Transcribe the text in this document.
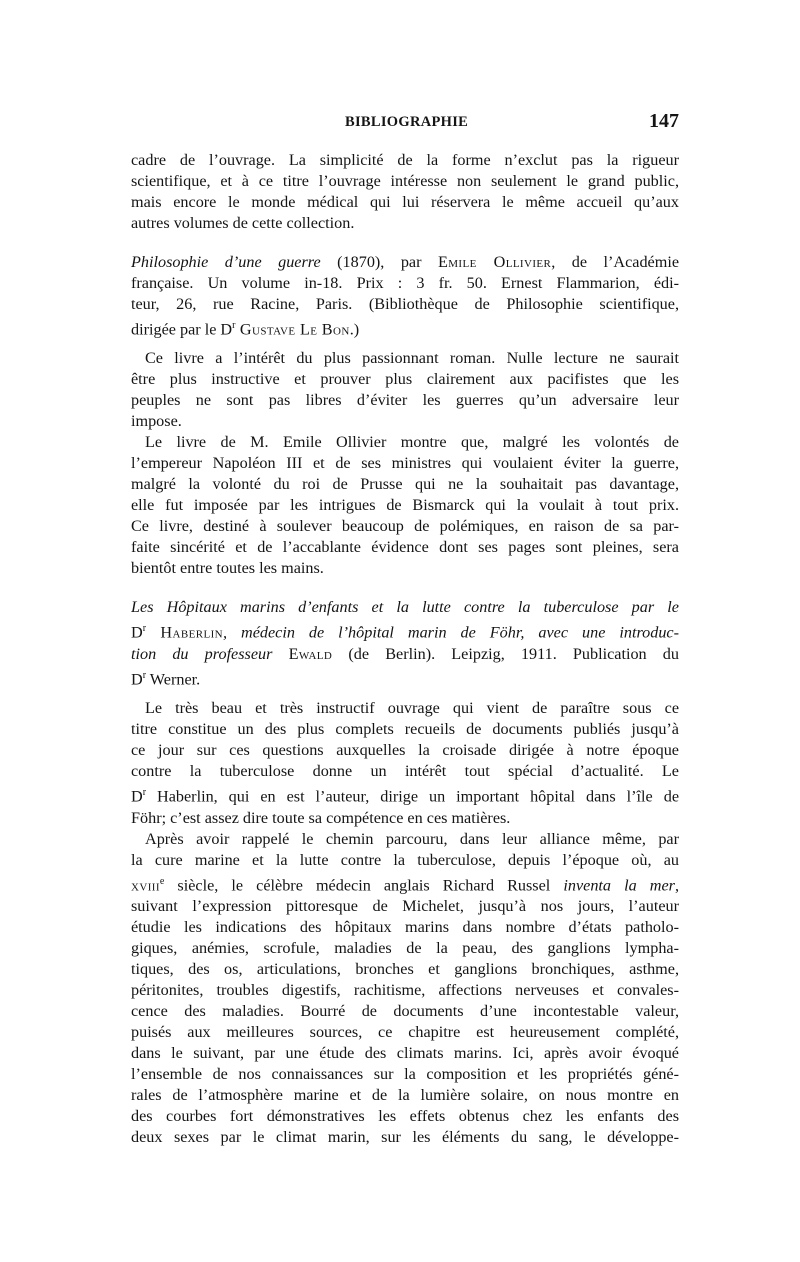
BIBLIOGRAPHIE	147
cadre de l’ouvrage. La simplicité de la forme n’exclut pas la rigueur
scientifique, et à ce titre l’ouvrage intéresse non seulement le grand public,
mais encore le monde médical qui lui réservera le même accueil qu’aux
autres volumes de cette collection.
Philosophie d’une guerre (1870), par Emile Ollivier, de l’Académie
française. Un volume in-18. Prix : 3 fr. 50. Ernest Flammarion, édi-
teur, 26, rue Racine, Paris. (Bibliothèque de Philosophie scientifique,
dirigée par le $D^r$ Gustave Le Bon.)
Ce livre a l’intérêt du plus passionnant roman. Nulle lecture ne saurait
être plus instructive et prouver plus clairement aux pacifistes que les
peuples ne sont pas libres d’éviter les guerres qu’un adversaire leur
impose.
Le livre de M. Emile Ollivier montre que, malgré les volontés de
l’empereur Napoléon III et de ses ministres qui voulaient éviter la guerre,
malgré la volonté du roi de Prusse qui ne la souhaitait pas davantage,
elle fut imposée par les intrigues de Bismarck qui la voulait à tout prix.
Ce livre, destiné à soulever beaucoup de polémiques, en raison de sa par-
faite sincérité et de l’accablante évidence dont ses pages sont pleines, sera
bientôt entre toutes les mains.
Les Hôpitaux marins d’enfants et la lutte contre la tuberculose par le
$D^r$ Haberlin, médecin de l’hôpital marin de Föhr, avec une introduc-
tion du professeur Ewald (de Berlin). Leipzig, 1911. Publication du
$D^r$ Werner.
Le très beau et très instructif ouvrage qui vient de paraître sous ce
titre constitue un des plus complets recueils de documents publiés jusqu’à
ce jour sur ces questions auxquelles la croisade dirigée à notre époque
contre la tuberculose donne un intérêt tout spécial d’actualité. Le
$D^r$ Haberlin, qui en est l’auteur, dirige un important hôpital dans l’île de
Föhr; c’est assez dire toute sa compétence en ces matières.
Après avoir rappelé le chemin parcouru, dans leur alliance même, par
la cure marine et la lutte contre la tuberculose, depuis l’époque où, au
xviii$^e$ siècle, le célèbre médecin anglais Richard Russel inventa la mer,
suivant l’expression pittoresque de Michelet, jusqu’à nos jours, l’auteur
étudie les indications des hôpitaux marins dans nombre d’états patholo-
giques, anémies, scrofule, maladies de la peau, des ganglions lympha-
tiques, des os, articulations, bronches et ganglions bronchiques, asthme,
péritonites, troubles digestifs, rachitisme, affections nerveuses et convales-
cence des maladies. Bourré de documents d’une incontestable valeur,
puisés aux meilleures sources, ce chapitre est heureusement complété,
dans le suivant, par une étude des climats marins. Ici, après avoir évoqué
l’ensemble de nos connaissances sur la composition et les propriétés géné-
rales de l’atmosphère marine et de la lumière solaire, on nous montre en
des courbes fort démonstratives les effets obtenus chez les enfants des
deux sexes par le climat marin, sur les éléments du sang, le développe-
